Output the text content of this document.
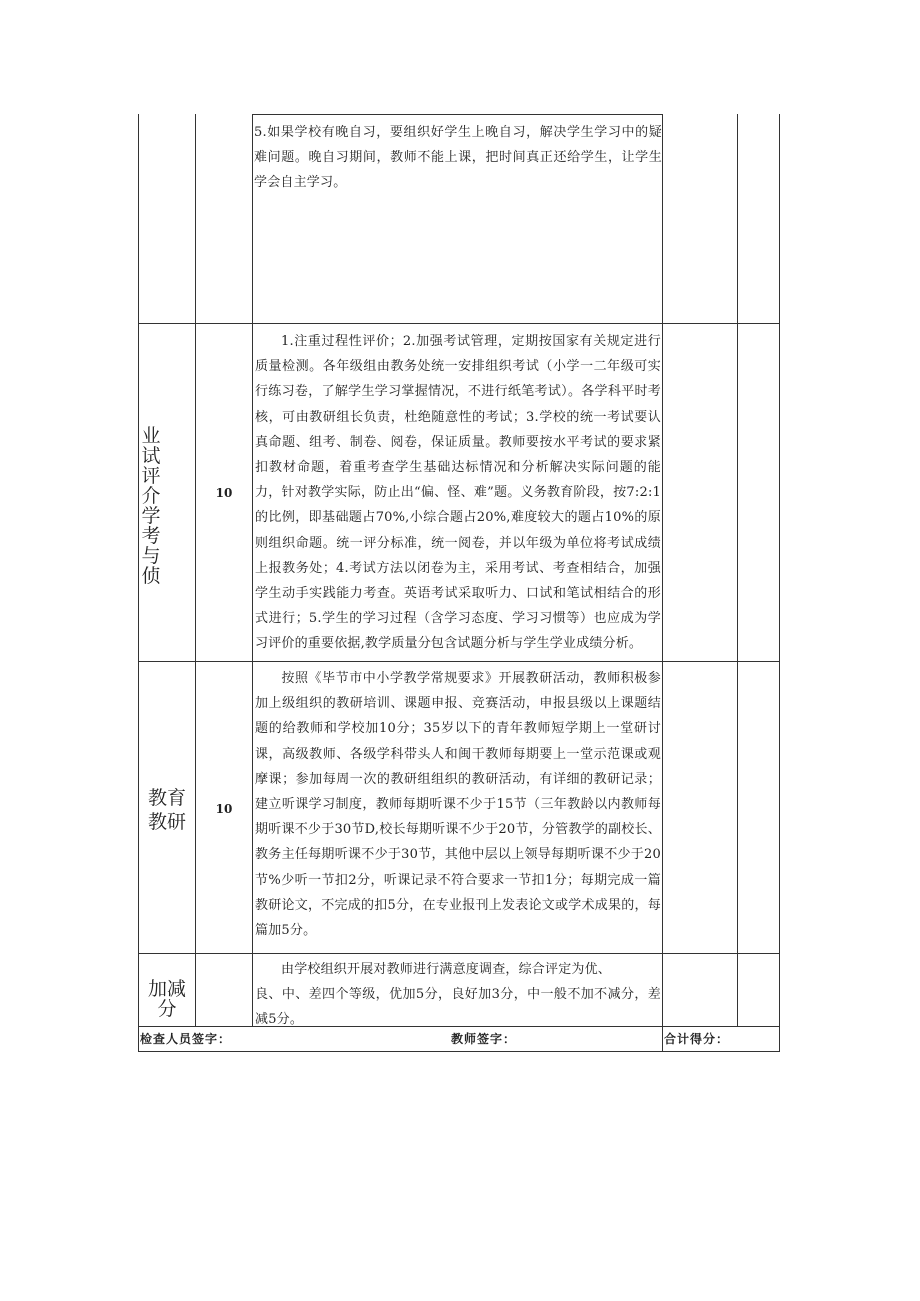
5.如果学校有晚自习，要组织好学生上晚自习，解决学生学习中的疑难问题。晚自习期间，教师不能上课，把时间真正还给学生，让学生学会自主学习。
业试评介学考与侦
10
1.注重过程性评价；2.加强考试管理，定期按国家有关规定进行质量检测。各年级组由教务处统一安排组织考试（小学一二年级可实行练习卷，了解学生学习掌握情况，不进行纸笔考试）。各学科平时考核，可由教研组长负责，杜绝随意性的考试；3.学校的统一考试要认真命题、组考、制卷、阅卷，保证质量。教师要按水平考试的要求紧扣教材命题，着重考查学生基础达标情况和分析解决实际问题的能力，针对教学实际，防止出“偏、怪、难”题。义务教育阶段，按7:2:1的比例，即基础题占70%,小综合题占20%,难度较大的题占10%的原则组织命题。统一评分标准，统一阅卷，并以年级为单位将考试成绩上报教务处；4.考试方法以闭卷为主，采用考试、考查相结合，加强学生动手实践能力考查。英语考试采取听力、口试和笔试相结合的形式进行；5.学生的学习过程（含学习态度、学习习惯等）也应成为学习评价的重要依据,教学质量分包含试题分析与学生学业成绩分析。
教育教研
10
按照《毕节市中小学教学常规要求》开展教研活动，教师积极参加上级组织的教研培训、课题申报、竞赛活动，申报县级以上课题结题的给教师和学校加10分；35岁以下的青年教师短学期上一堂研讨课，高级教师、各级学科带头人和闽干教师每期要上一堂示范课或观摩课；参加每周一次的教研组组织的教研活动，有详细的教研记录；建立听课学习制度，教师每期听课不少于15节（三年教龄以内教师每期听课不少于30节D,校长每期听课不少于20节，分管教学的副校长、教务主任每期听课不少于30节，其他中层以上领导每期听课不少于20节%少听一节扣2分，听课记录不符合要求一节扣1分；每期完成一篇教研论文，不完成的扣5分，在专业报刊上发表论文或学术成果的，每篇加5分。
加减分
由学校组织开展对教师进行满意度调查，综合评定为优、
良、中、差四个等级，优加5分，良好加3分，中一般不加不减分，差减5分。
检查人员签字：	教师签字：	合计得分：
